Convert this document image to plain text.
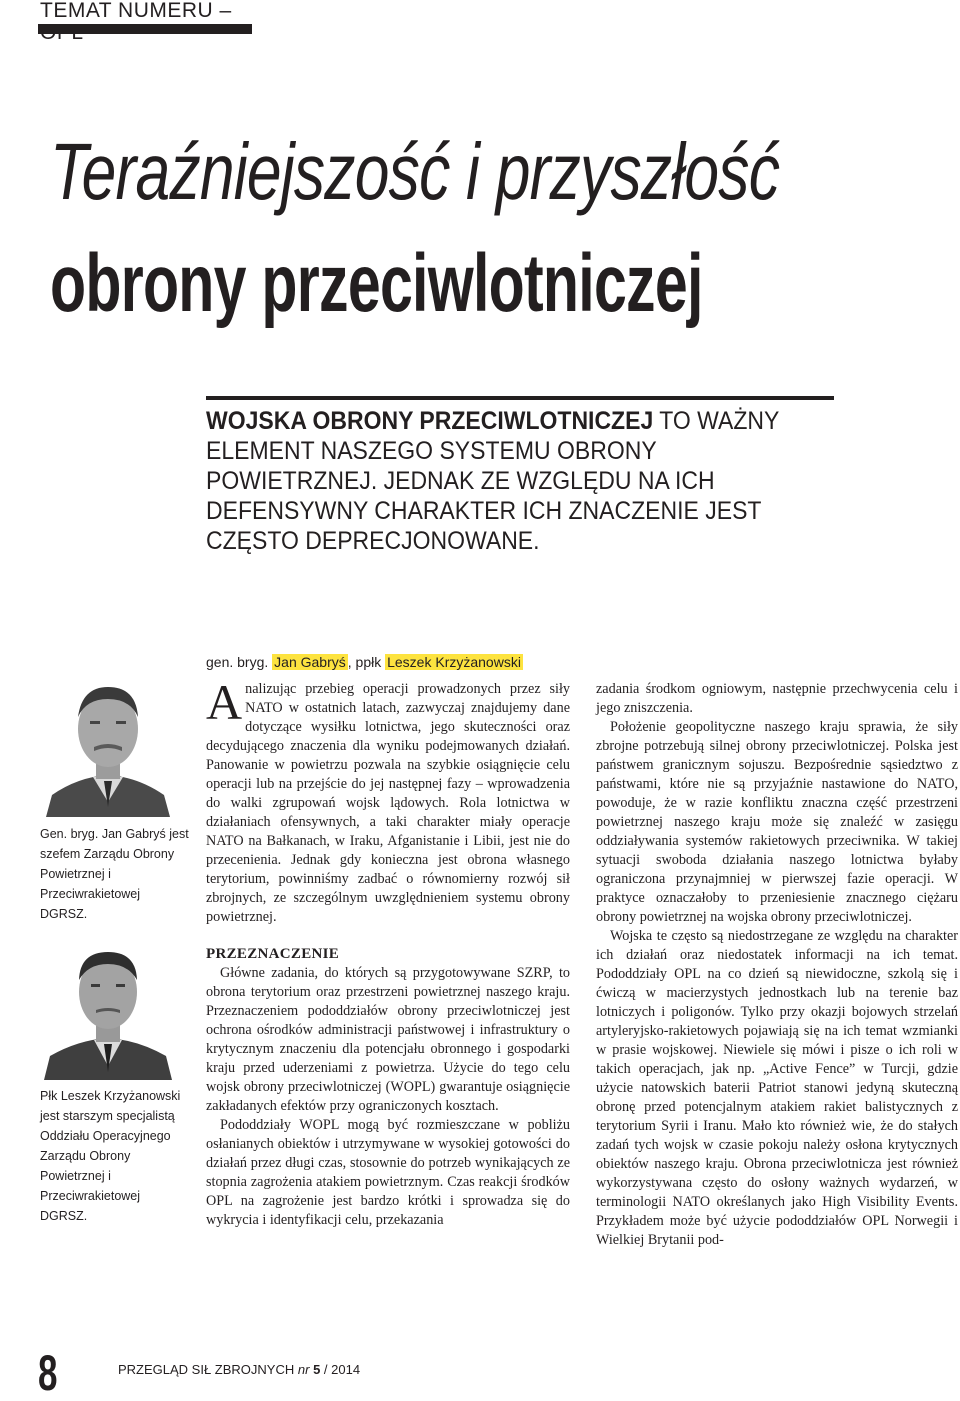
TEMAT NUMERU –
Teraźniejszość i przyszłość
obrony przeciwlotniczej
WOJSKA OBRONY PRZECIWLOTNICZEJ TO WAŻNY ELEMENT NASZEGO SYSTEMU OBRONY POWIETRZNEJ. JEDNAK ZE WZGLĘDU NA ICH DEFENSYWNY CHARAKTER ICH ZNACZENIE JEST CZĘSTO DEPRECJONOWANE.
gen. bryg. Jan Gabryś , ppłk Leszek Krzyżanowski
Gen. bryg. Jan Gabryś jest szefem Zarządu Obrony Powietrznej i Przeciwrakietowej DGRSZ.
Płk Leszek Krzyżanowski jest starszym specjalistą Oddziału Operacyjnego Zarządu Obrony Powietrznej i Przeciwrakietowej DGRSZ.

Analizując przebieg operacji prowadzonych przez siły NATO w ostatnich latach, zazwyczaj znajdujemy dane dotyczące wysiłku lotnictwa, jego skuteczności oraz decydującego znaczenia dla wyniku podejmowanych działań. Panowanie w powietrzu pozwala na szybkie osiągnięcie celu operacji lub na przejście do jej następnej fazy – wprowadzenia do walki zgrupowań wojsk lądowych. Rola lotnictwa w działaniach ofensywnych, a taki charakter miały operacje NATO na Bałkanach, w Iraku, Afganistanie i Libii, jest nie do przecenienia. Jednak gdy konieczna jest obrona własnego terytorium, powinniśmy zadbać o równomierny rozwój sił zbrojnych, ze szczególnym uwzględnieniem systemu obrony powietrznej.

PRZEZNACZENIE

Główne zadania, do których są przygotowywane SZRP, to obrona terytorium oraz przestrzeni powietrznej naszego kraju. Przeznaczeniem pododdziałów obrony przeciwlotniczej jest ochrona ośrodków administracji państwowej i infrastruktury o krytycznym znaczeniu dla potencjału obronnego i gospodarki kraju przed uderzeniami z powietrza. Użycie do tego celu wojsk obrony przeciwlotniczej (WOPL) gwarantuje osiągnięcie zakładanych efektów przy ograniczonych kosztach.

Pododdziały WOPL mogą być rozmieszczane w pobliżu osłanianych obiektów i utrzymywane w wysokiej gotowości do działań przez długi czas, stosownie do potrzeb wynikających ze stopnia zagrożenia atakiem powietrznym. Czas reakcji środków OPL na zagrożenie jest bardzo krótki i sprowadza się do wykrycia i identyfikacji celu, przekazania

zadania środkom ogniowym, następnie przechwycenia celu i jego zniszczenia.

Położenie geopolityczne naszego kraju sprawia, że siły zbrojne potrzebują silnej obrony przeciwlotniczej. Polska jest państwem granicznym sojuszu. Bezpośrednie sąsiedztwo z państwami, które nie są przyjaźnie nastawione do NATO, powoduje, że w razie konfliktu znaczna część przestrzeni powietrznej naszego kraju może się znaleźć w zasięgu oddziaływania systemów rakietowych przeciwnika. W takiej sytuacji swoboda działania naszego lotnictwa byłaby ograniczona przynajmniej w pierwszej fazie operacji. W praktyce oznaczałoby to przeniesienie znacznego ciężaru obrony powietrznej na wojska obrony przeciwlotniczej.

Wojska te często są niedostrzegane ze względu na charakter ich działań oraz niedostatek informacji na ich temat. Pododdziały OPL na co dzień są niewidoczne, szkolą się i ćwiczą w macierzystych jednostkach lub na terenie baz lotniczych i poligonów. Tylko przy okazji bojowych strzelań artyleryjsko-rakietowych pojawiają się na ich temat wzmianki w prasie wojskowej. Niewiele się mówi i pisze o ich roli w takich operacjach, jak np. „Active Fence” w Turcji, gdzie użycie natowskich baterii Patriot stanowi jedyną skuteczną obronę przed potencjalnym atakiem rakiet balistycznych z terytorium Syrii i Iranu. Mało kto również wie, że do stałych zadań tych wojsk w czasie pokoju należy osłona krytycznych obiektów naszego kraju. Obrona przeciwlotnicza jest również wykorzystywana często do osłony ważnych wydarzeń, w terminologii NATO określanych jako High Visibility Events. Przykładem może być użycie pododdziałów OPL Norwegii i Wielkiej Brytanii pod-

8	PRZEGLĄD SIŁ ZBROJNYCH nr 5 / 2014
